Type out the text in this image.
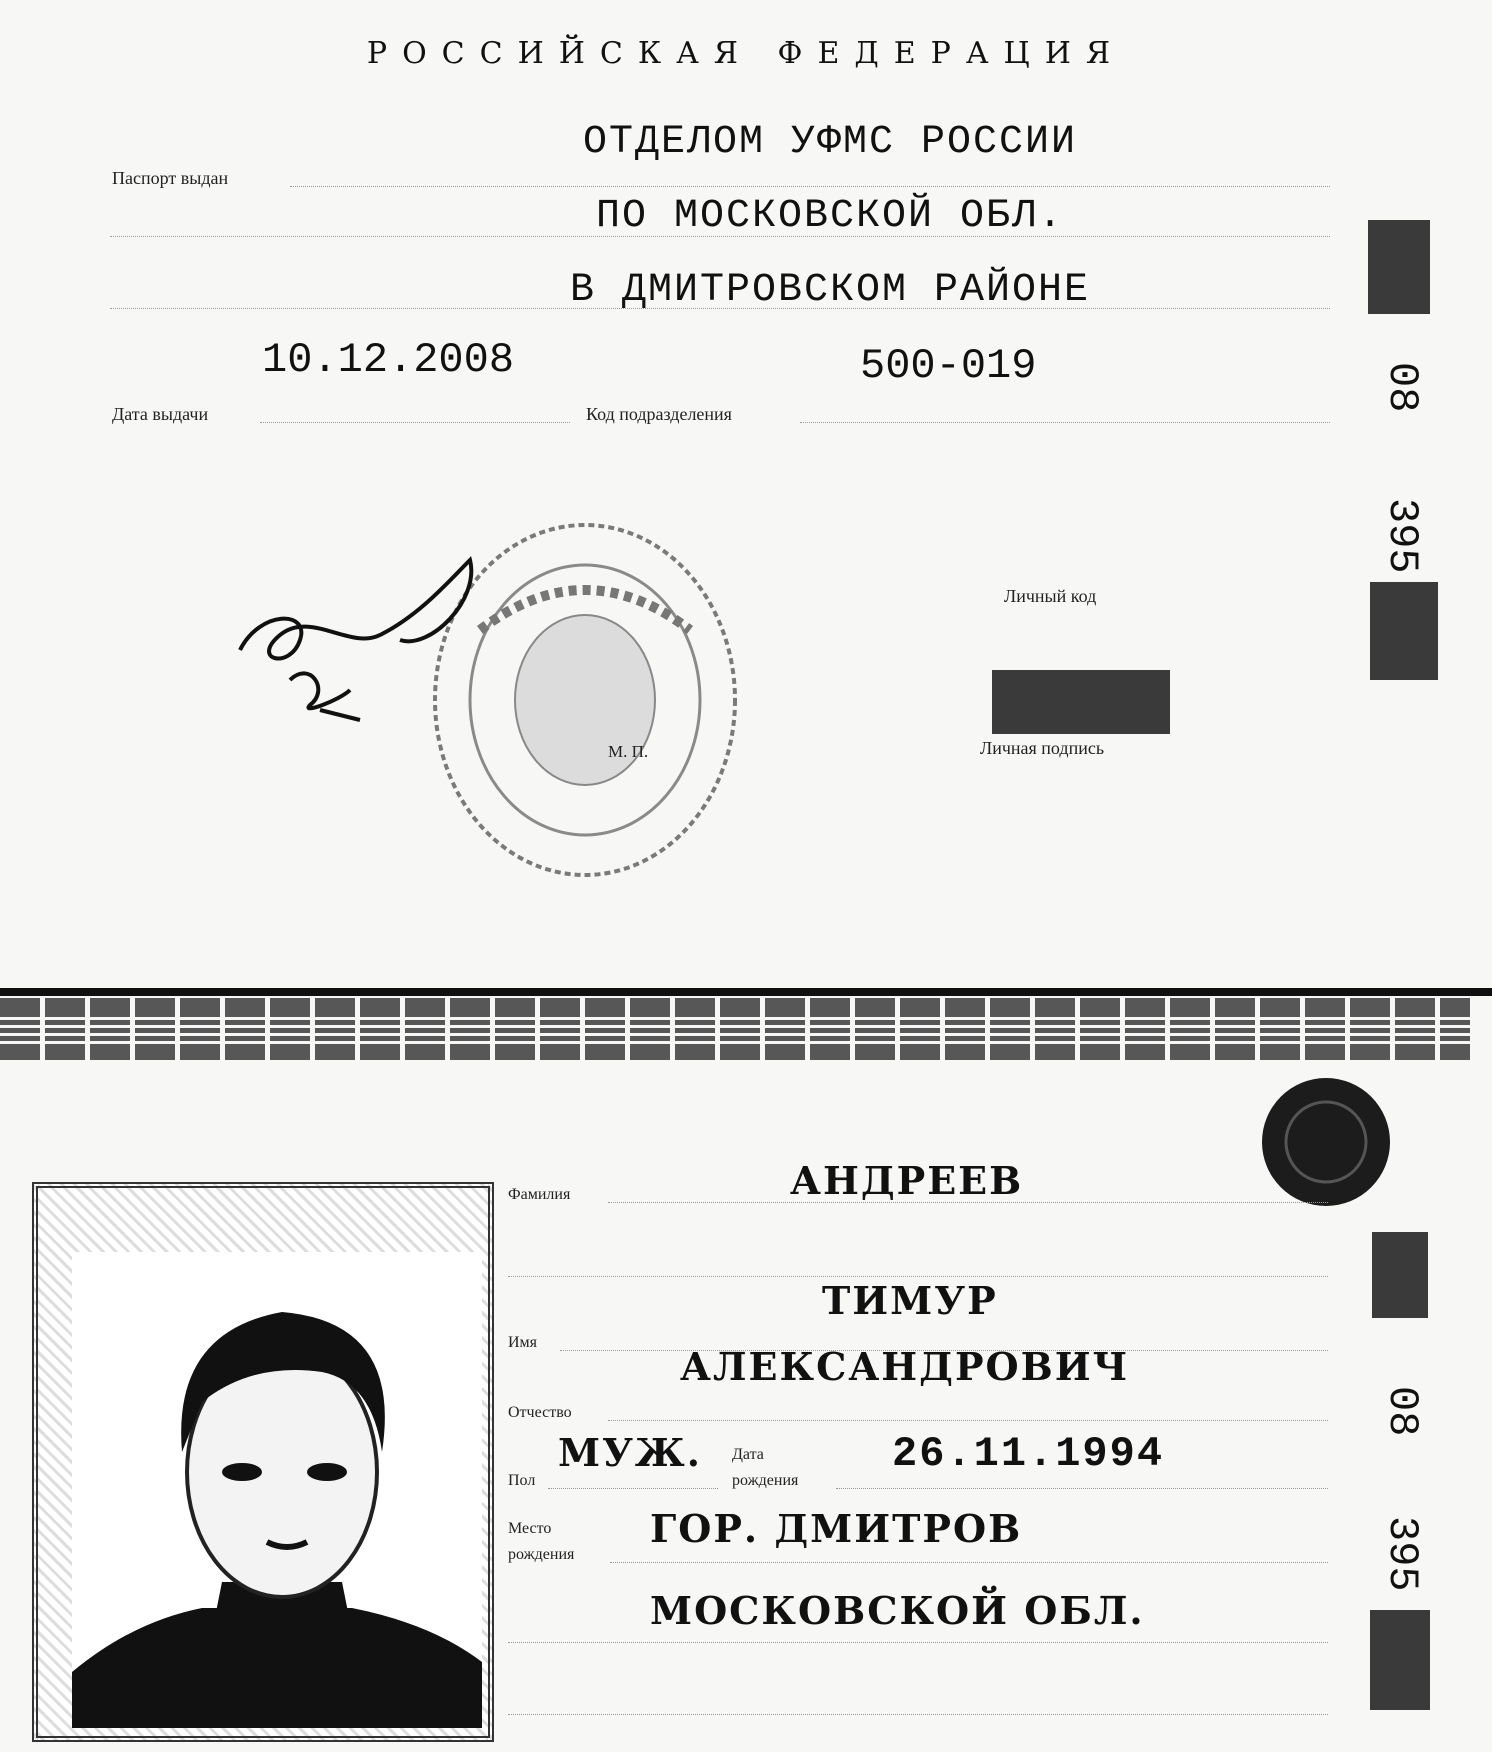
РОССИЙСКАЯ ФЕДЕРАЦИЯ
Паспорт выдан
ОТДЕЛОМ УФМС РОССИИ
ПО МОСКОВСКОЙ ОБЛ.
В ДМИТРОВСКОМ РАЙОНЕ
10.12.2008	500-019
Дата выдачи	Код подразделения
М. П.
Личный код
Личная подпись
08
395
АНДРЕЕВ
Фамилия
ТИМУР
Имя
АЛЕКСАНДРОВИЧ
Отчество
МУЖ.
Пол
Дата
рождения
26.11.1994
Место
рождения
ГОР. ДМИТРОВ
МОСКОВСКОЙ ОБЛ.
08
395
